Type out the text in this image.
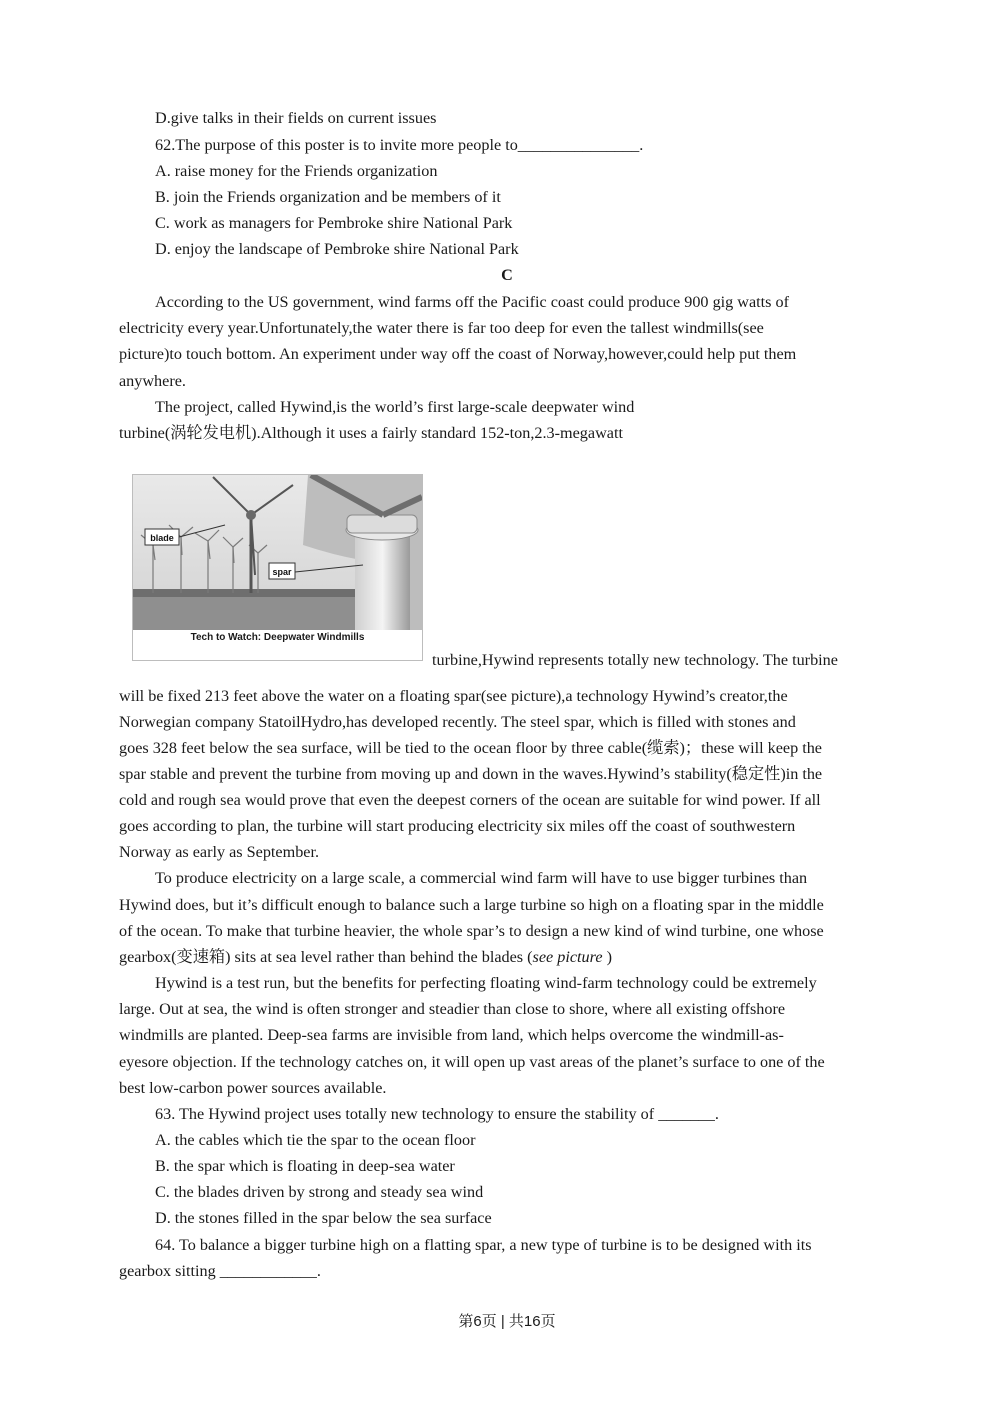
D.give talks in their fields on current issues
62.The purpose of this poster is to invite more people to_______________.
A. raise money for the Friends organization
B. join the Friends organization and be members of it
C. work as managers for Pembroke shire National Park
D. enjoy the landscape of Pembroke shire National Park
C
According to the US government, wind farms off the Pacific coast could produce 900 gig watts of
electricity every year.Unfortunately,the water there is far too deep for even the tallest windmills(see
picture)to touch bottom. An experiment under way off the coast of Norway,however,could help put them
anywhere.
The project, called Hywind,is the world’s first large-scale deepwater wind
turbine(涡轮发电机).Although it uses a fairly standard 152-ton,2.3-megawatt
blade
spar
Tech to Watch: Deepwater Windmills
turbine,Hywind represents totally new technology. The turbine
will be fixed 213 feet above the water on a floating spar(see picture),a technology Hywind’s creator,the
Norwegian company StatoilHydro,has developed recently. The steel spar, which is filled with stones and
goes 328 feet below the sea surface, will be tied to the ocean floor by three cable(缆索)；these will keep the
spar stable and prevent the turbine from moving up and down in the waves.Hywind’s stability(稳定性)in the
cold and rough sea would prove that even the deepest corners of the ocean are suitable for wind power. If all
goes according to plan, the turbine will start producing electricity six miles off the coast of southwestern
Norway as early as September.
To produce electricity on a large scale, a commercial wind farm will have to use bigger turbines than
Hywind does, but it’s difficult enough to balance such a large turbine so high on a floating spar in the middle
of the ocean. To make that turbine heavier, the whole spar’s to design a new kind of wind turbine, one whose
gearbox(变速箱) sits at sea level rather than behind the blades (see picture )
Hywind is a test run, but the benefits for perfecting floating wind-farm technology could be extremely
large. Out at sea, the wind is often stronger and steadier than close to shore, where all existing offshore
windmills are planted. Deep-sea farms are invisible from land, which helps overcome the windmill-as-
eyesore objection. If the technology catches on, it will open up vast areas of the planet’s surface to one of the
best low-carbon power sources available.
63. The Hywind project uses totally new technology to ensure the stability of _______.
A. the cables which tie the spar to the ocean floor
B. the spar which is floating in deep-sea water
C. the blades driven by strong and steady sea wind
D. the stones filled in the spar below the sea surface
64. To balance a bigger turbine high on a flatting spar, a new type of turbine is to be designed with its
gearbox sitting ____________.
第6页 | 共16页
